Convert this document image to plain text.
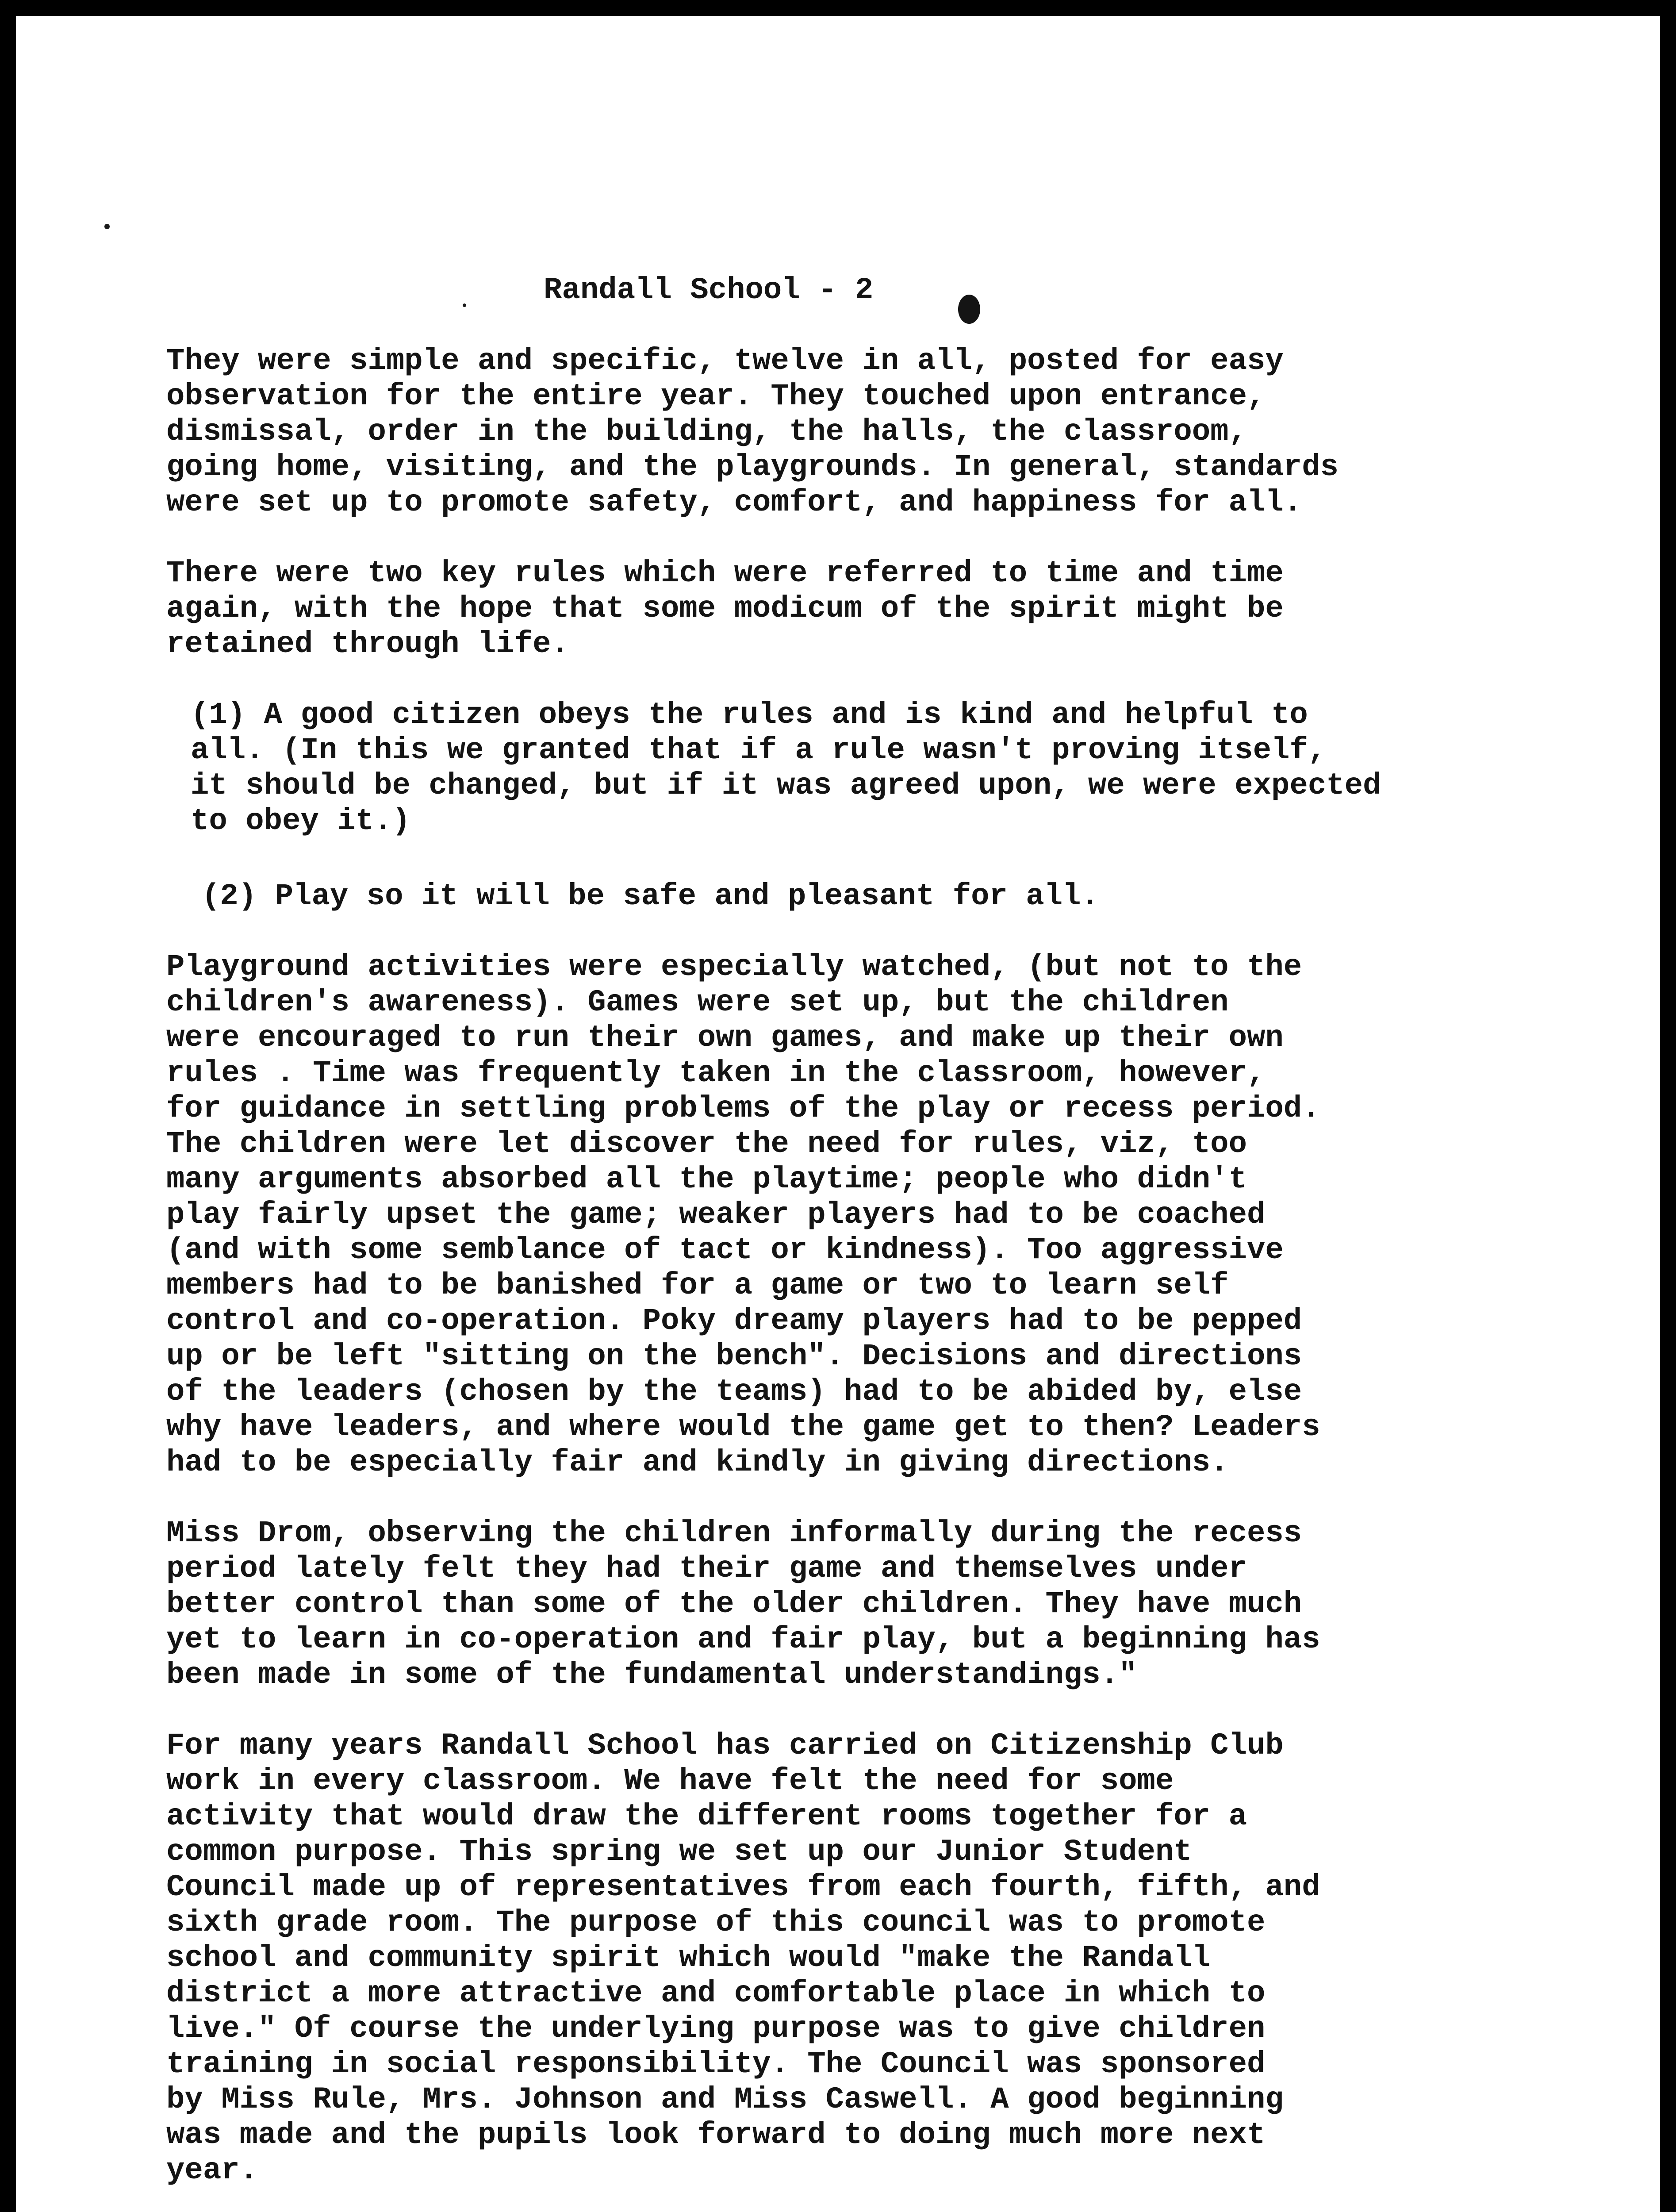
Randall School - 2

They were simple and specific, twelve in all, posted for easy
observation for the entire year. They touched upon entrance,
dismissal, order in the building, the halls, the classroom,
going home, visiting, and the playgrounds. In general, standards
were set up to promote safety, comfort, and happiness for all.

There were two key rules which were referred to time and time
again, with the hope that some modicum of the spirit might be
retained through life.

(1) A good citizen obeys the rules and is kind and helpful to
all. (In this we granted that if a rule wasn't proving itself,
it should be changed, but if it was agreed upon, we were expected
to obey it.)

(2) Play so it will be safe and pleasant for all.

Playground activities were especially watched, (but not to the
children's awareness). Games were set up, but the children
were encouraged to run their own games, and make up their own
rules . Time was frequently taken in the classroom, however,
for guidance in settling problems of the play or recess period.
The children were let discover the need for rules, viz, too
many arguments absorbed all the playtime; people who didn't
play fairly upset the game; weaker players had to be coached
(and with some semblance of tact or kindness). Too aggressive
members had to be banished for a game or two to learn self
control and co-operation. Poky dreamy players had to be pepped
up or be left "sitting on the bench". Decisions and directions
of the leaders (chosen by the teams) had to be abided by, else
why have leaders, and where would the game get to then? Leaders
had to be especially fair and kindly in giving directions.

Miss Drom, observing the children informally during the recess
period lately felt they had their game and themselves under
better control than some of the older children. They have much
yet to learn in co-operation and fair play, but a beginning has
been made in some of the fundamental understandings."

For many years Randall School has carried on Citizenship Club
work in every classroom. We have felt the need for some
activity that would draw the different rooms together for a
common purpose. This spring we set up our Junior Student
Council made up of representatives from each fourth, fifth, and
sixth grade room. The purpose of this council was to promote
school and community spirit which would "make the Randall
district a more attractive and comfortable place in which to
live." Of course the underlying purpose was to give children
training in social responsibility. The Council was sponsored
by Miss Rule, Mrs. Johnson and Miss Caswell. A good beginning
was made and the pupils look forward to doing much more next
year.
